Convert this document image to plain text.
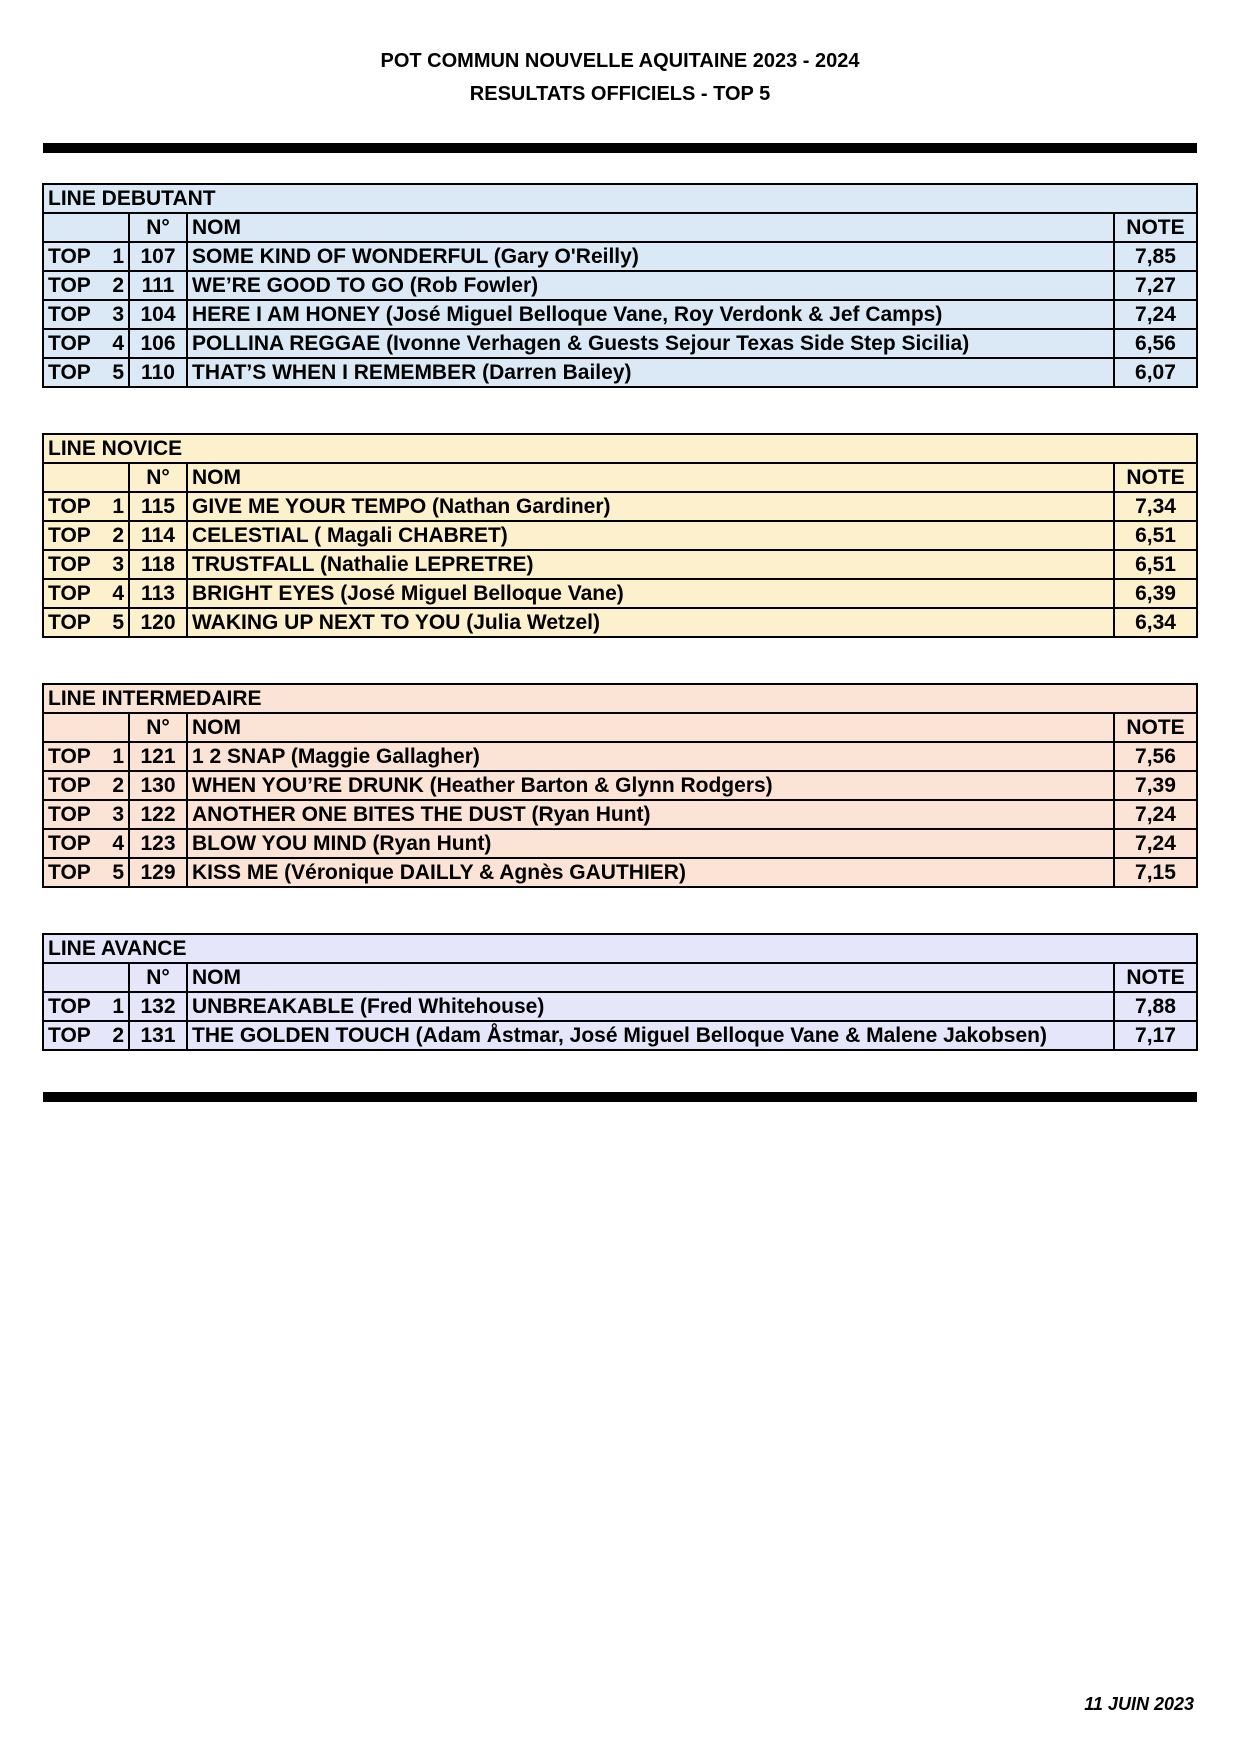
POT COMMUN NOUVELLE AQUITAINE 2023 - 2024
RESULTATS OFFICIELS - TOP 5
LINE DEBUTANT			
	N°	NOM	NOTE

TOP 1	107	SOME KIND OF WONDERFUL (Gary O'Reilly)	7,85

TOP 2	111	WE’RE GOOD TO GO (Rob Fowler)	7,27

TOP 3	104	HERE I AM HONEY (José Miguel Belloque Vane, Roy Verdonk & Jef Camps)	7,24

TOP 4	106	POLLINA REGGAE (Ivonne Verhagen & Guests Sejour Texas Side Step Sicilia)	6,56

TOP 5	110	THAT’S WHEN I REMEMBER (Darren Bailey)	6,07
LINE NOVICE			
	N°	NOM	NOTE

TOP 1	115	GIVE ME YOUR TEMPO (Nathan Gardiner)	7,34

TOP 2	114	CELESTIAL ( Magali CHABRET)	6,51

TOP 3	118	TRUSTFALL (Nathalie LEPRETRE)	6,51

TOP 4	113	BRIGHT EYES (José Miguel Belloque Vane)	6,39

TOP 5	120	WAKING UP NEXT TO YOU (Julia Wetzel)	6,34
LINE INTERMEDAIRE			
	N°	NOM	NOTE

TOP 1	121	1 2 SNAP (Maggie Gallagher)	7,56

TOP 2	130	WHEN YOU’RE DRUNK (Heather Barton & Glynn Rodgers)	7,39

TOP 3	122	ANOTHER ONE BITES THE DUST (Ryan Hunt)	7,24

TOP 4	123	BLOW YOU MIND (Ryan Hunt)	7,24

TOP 5	129	KISS ME (Véronique DAILLY & Agnès GAUTHIER)	7,15
LINE AVANCE			
	N°	NOM	NOTE

TOP 1	132	UNBREAKABLE (Fred Whitehouse)	7,88

TOP 2	131	THE GOLDEN TOUCH (Adam Åstmar, José Miguel Belloque Vane & Malene Jakobsen)	7,17
11 JUIN 2023
